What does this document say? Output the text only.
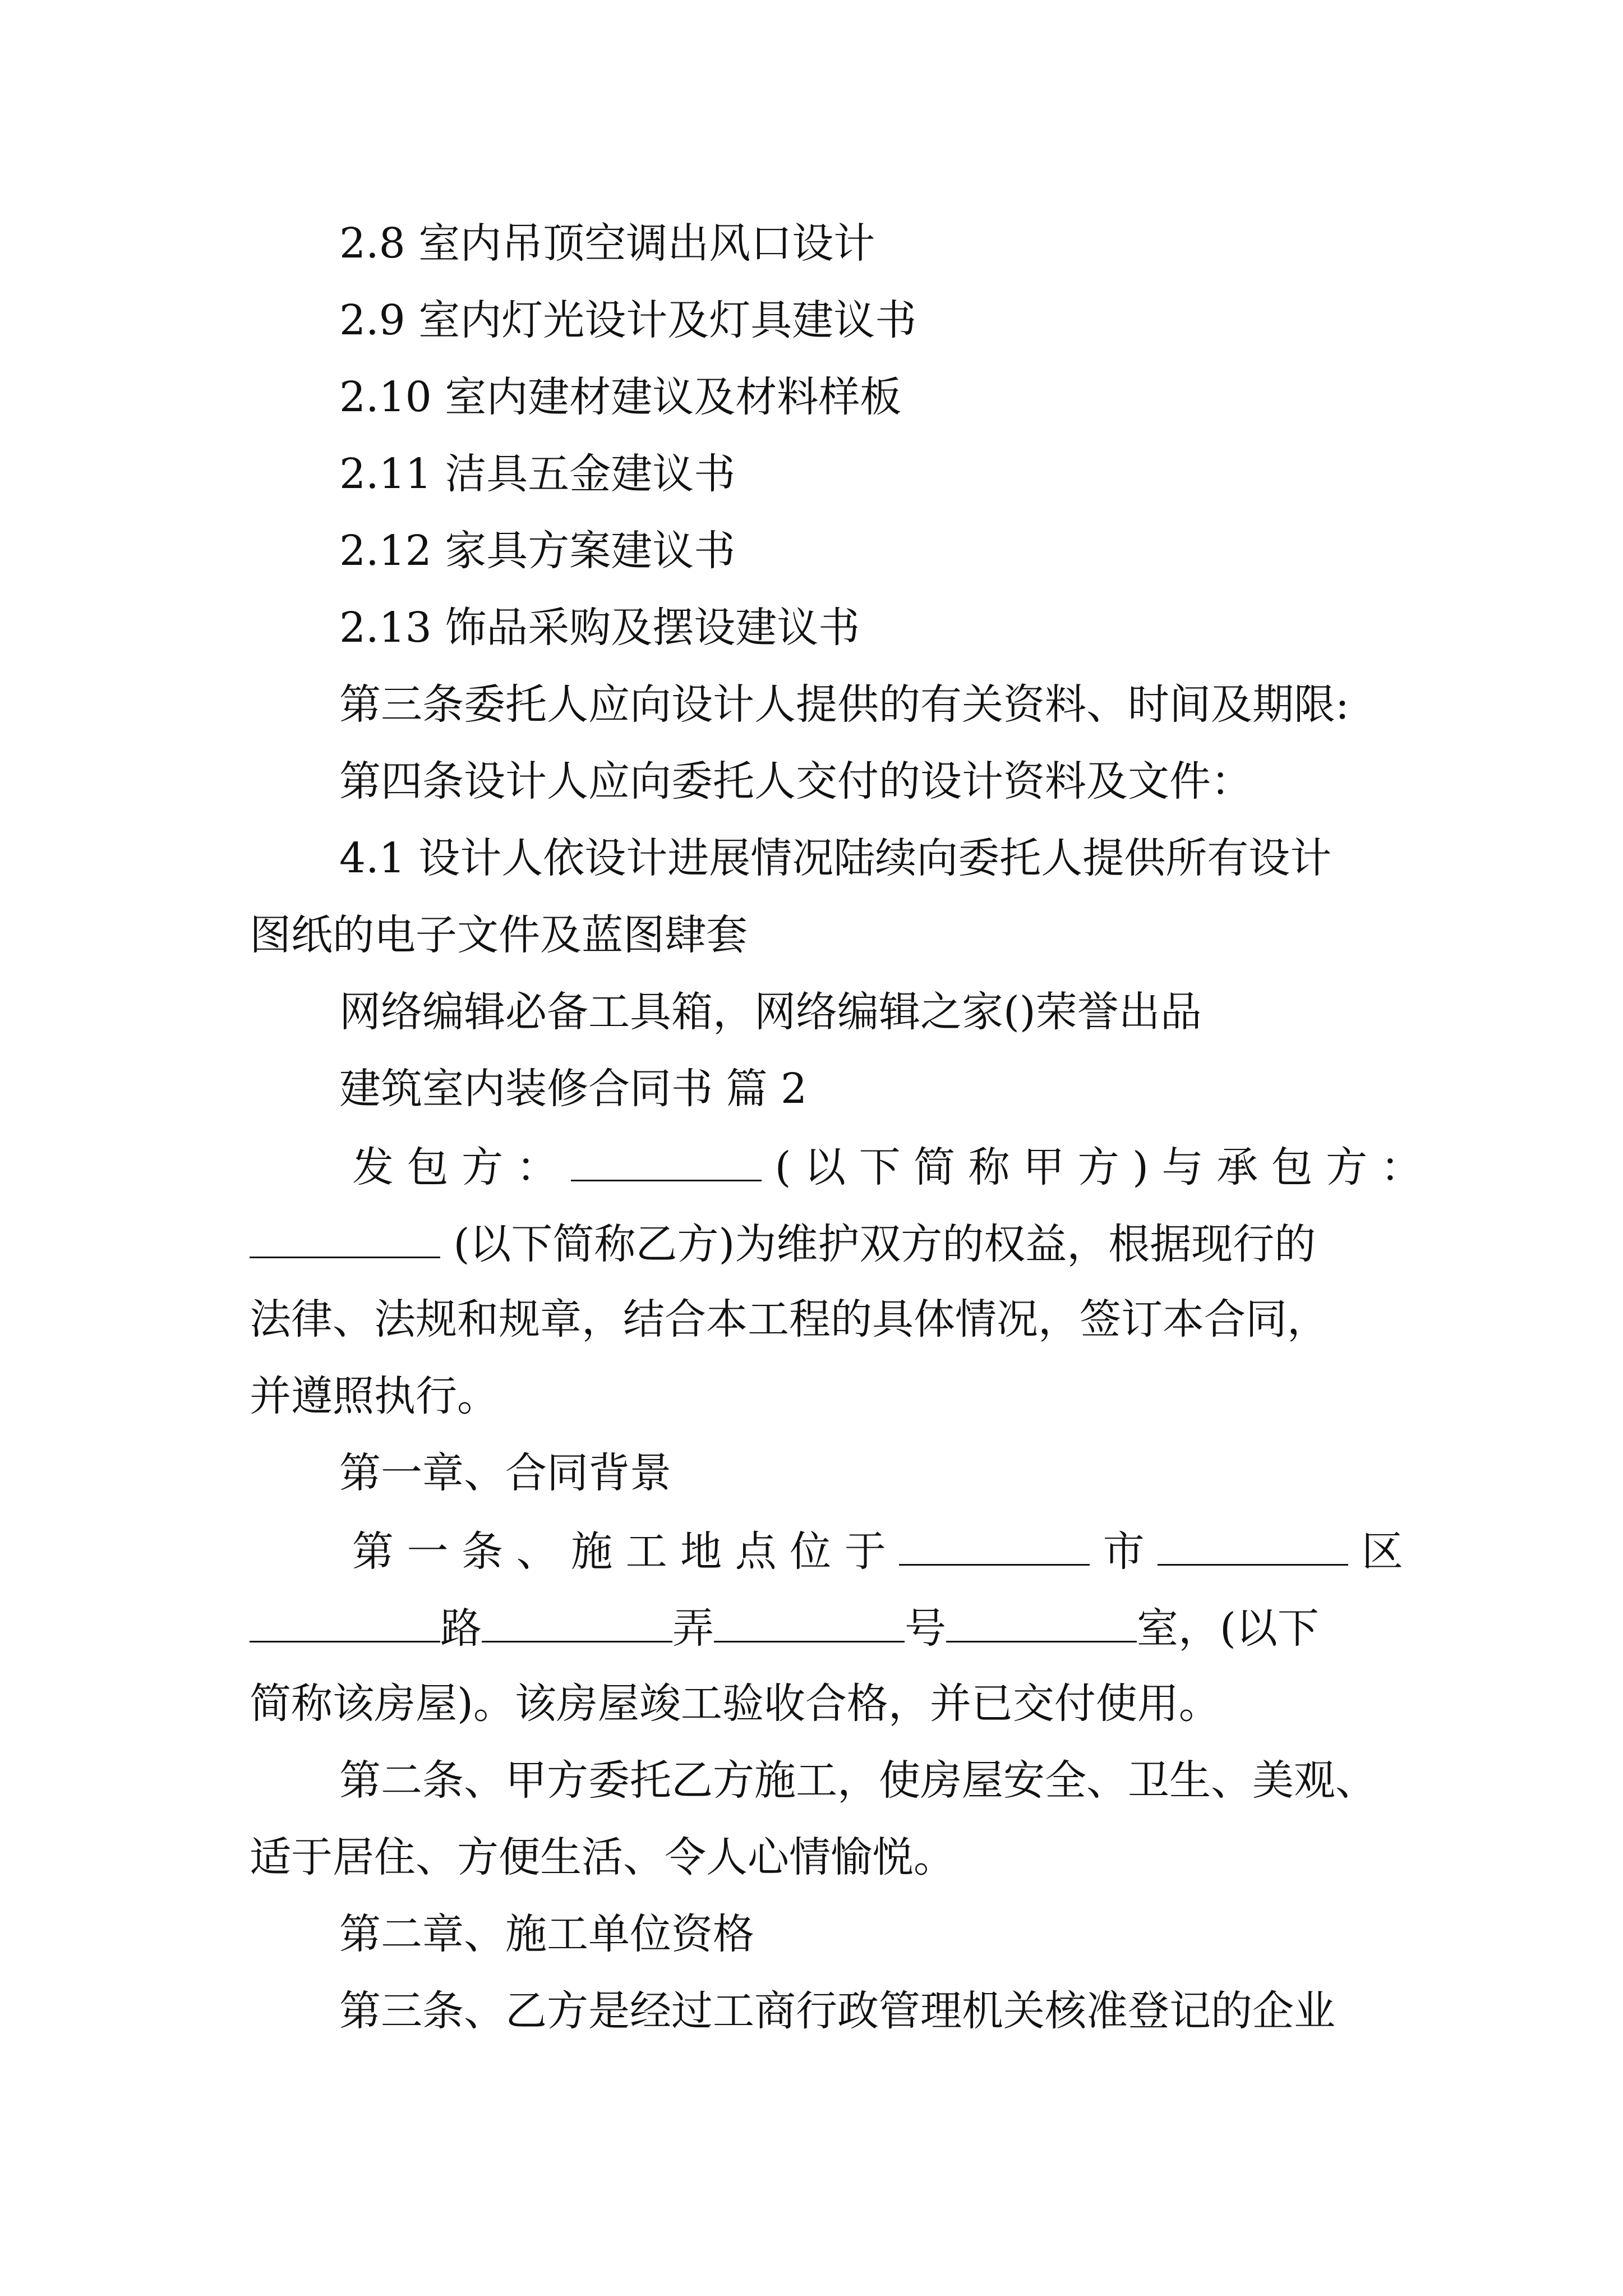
2.8 室内吊顶空调出风口设计
2.9 室内灯光设计及灯具建议书
2.10 室内建材建议及材料样板
2.11 洁具五金建议书
2.12 家具方案建议书
2.13 饰品采购及摆设建议书
第三条委托人应向设计人提供的有关资料、时间及期限:
第四条设计人应向委托人交付的设计资料及文件：
4.1 设计人依设计进展情况陆续向委托人提供所有设计
图纸的电子文件及蓝图肆套
网络编辑必备工具箱，网络编辑之家()荣誉出品
建筑室内装修合同书 篇 2
发 包 方 ：	( 以 下 简 称 甲 方 ) 与 承 包 方 ：
(以下简称乙方)为维护双方的权益，根据现行的
法律、法规和规章，结合本工程的具体情况，签订本合同，
并遵照执行。
第一章、合同背景
第 一 条 、 施 工 地 点 位 于	市	区
路	弄	号	室，(以下
简称该房屋)。该房屋竣工验收合格，并已交付使用。
第二条、甲方委托乙方施工，使房屋安全、卫生、美观、
适于居住、方便生活、令人心情愉悦。
第二章、施工单位资格
第三条、乙方是经过工商行政管理机关核准登记的企业
